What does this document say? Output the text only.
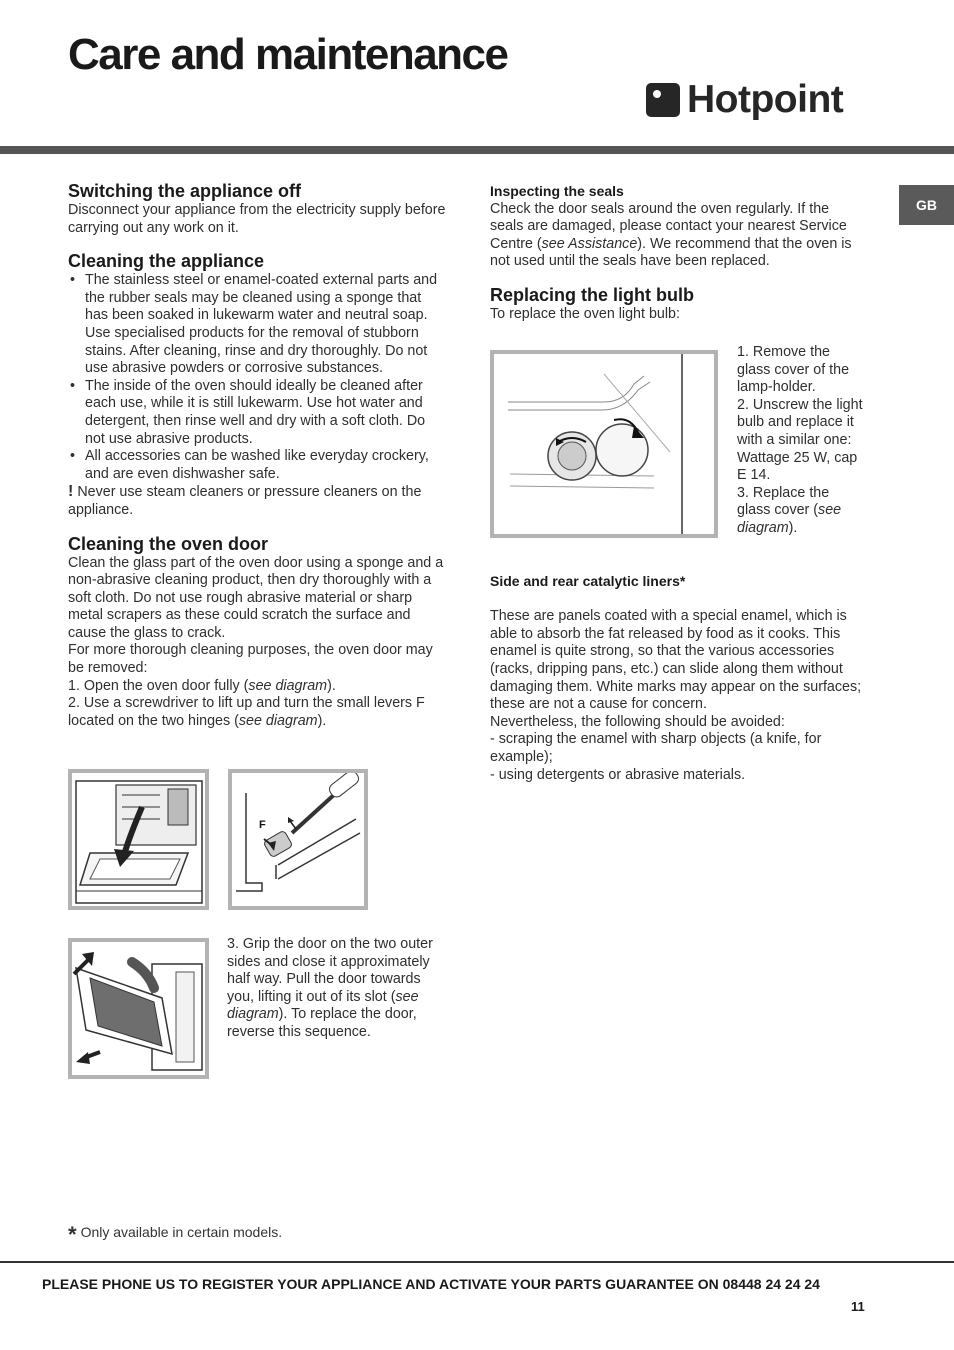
Care and maintenance
Hotpoint
GB
Switching the appliance off

Disconnect your appliance from the electricity supply before carrying out any work on it.

Cleaning the appliance
• The stainless steel or enamel-coated external parts and the rubber seals may be cleaned using a sponge that has been soaked in lukewarm water and neutral soap. Use specialised products for the removal of stubborn stains. After cleaning, rinse and dry thoroughly. Do not use abrasive powders or corrosive substances.
• The inside of the oven should ideally be cleaned after each use, while it is still lukewarm. Use hot water and detergent, then rinse well and dry with a soft cloth. Do not use abrasive products.
• All accessories can be washed like everyday crockery, and are even dishwasher safe.

! Never use steam cleaners or pressure cleaners on the appliance.

Cleaning the oven door

Clean the glass part of the oven door using a sponge and a non-abrasive cleaning product, then dry thoroughly with a soft cloth. Do not use rough abrasive material or sharp metal scrapers as these could scratch the surface and cause the glass to crack.

For more thorough cleaning purposes, the oven door may be removed:

1. Open the oven door fully (see diagram).

2. Use a screwdriver to lift up and turn the small levers F located on the two hinges (see diagram).

F

3. Grip the door on the two outer sides and close it approximately half way. Pull the door towards you, lifting it out of its slot (see diagram). To replace the door, reverse this sequence.

Inspecting the seals

Check the door seals around the oven regularly. If the seals are damaged, please contact your nearest Service Centre (see Assistance). We recommend that the oven is not used until the seals have been replaced.

Replacing the light bulb

To replace the oven light bulb:

1. Remove the glass cover of the lamp-holder.

2. Unscrew the light bulb and replace it with a similar one: Wattage 25 W, cap E 14.

3. Replace the glass cover (see diagram).

Side and rear catalytic liners*

These are panels coated with a special enamel, which is able to absorb the fat released by food as it cooks. This enamel is quite strong, so that the various accessories (racks, dripping pans, etc.) can slide along them without damaging them. White marks may appear on the surfaces; these are not a cause for concern.

Nevertheless, the following should be avoided:

- scraping the enamel with sharp objects (a knife, for example);

- using detergents or abrasive materials.

* Only available in certain models.
PLEASE PHONE US TO REGISTER YOUR APPLIANCE AND ACTIVATE YOUR PARTS GUARANTEE ON 08448 24 24 24
11
